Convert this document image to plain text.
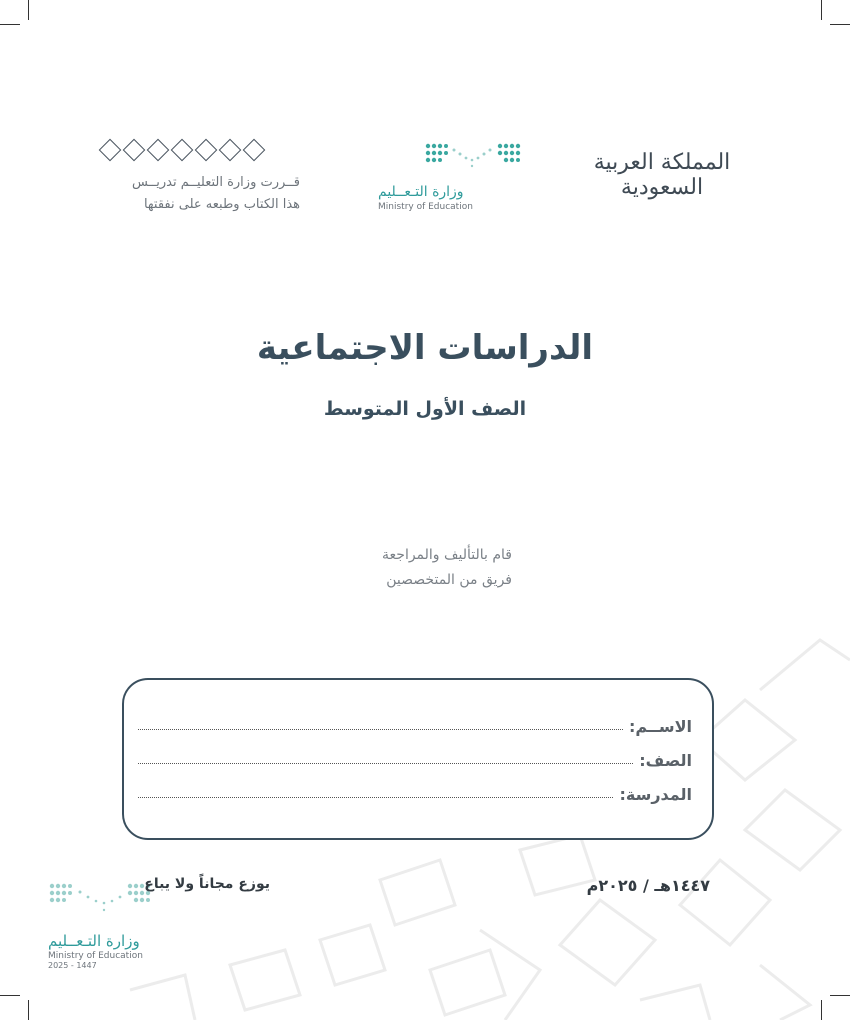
قــررت وزارة التعليــم تدريــس
هذا الكتاب وطبعه على نفقتها
وزارة التـعــليم
Ministry of Education
المملكة العربية السعودية
الدراسات الاجتماعية
الصف الأول المتوسط
قام بالتأليف والمراجعة
فريق من المتخصصين
الاســم:
الصف:
المدرسة:
وزارة التـعــليم
Ministry of Education
2025 - 1447
يوزع مجاناً ولا يباع	١٤٤٧هـ / ٢٠٢٥م
